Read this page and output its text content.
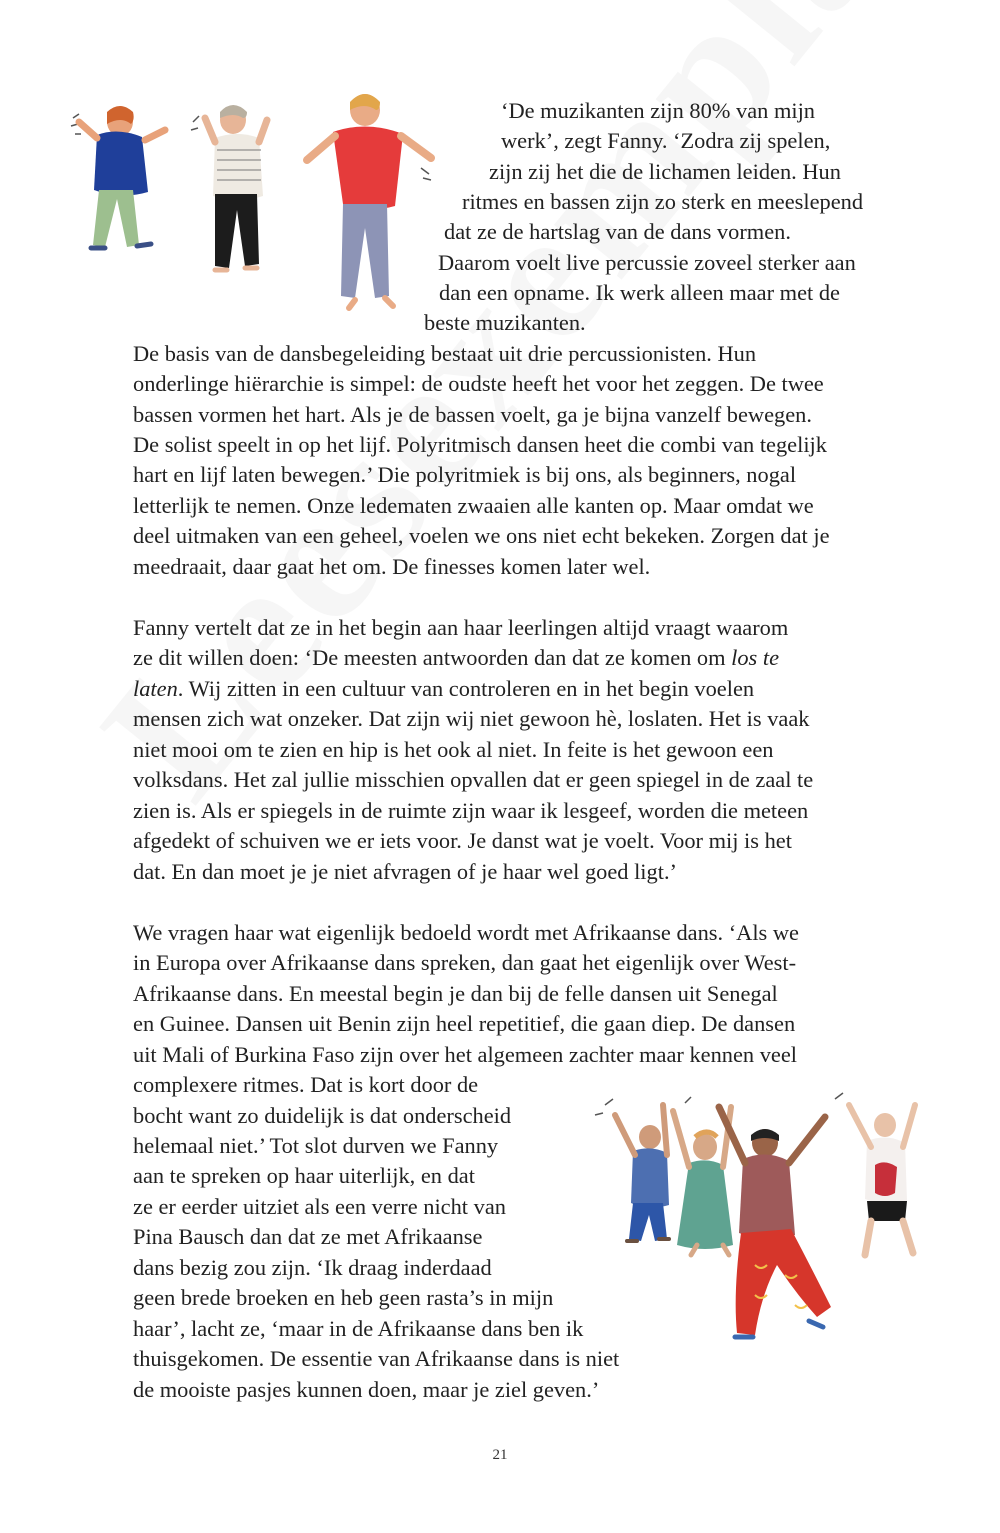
‘De muzikanten zijn 80% van mijn
werk’, zegt Fanny. ‘Zodra zij spelen,
zijn zij het die de lichamen leiden. Hun
ritmes en bassen zijn zo sterk en meeslepend
dat ze de hartslag van de dans vormen.
Daarom voelt live percussie zoveel sterker aan
dan een opname. Ik werk alleen maar met de
beste muzikanten.
De basis van de dansbegeleiding bestaat uit drie percussionisten. Hun
onderlinge hiërarchie is simpel: de oudste heeft het voor het zeggen. De twee
bassen vormen het hart. Als je de bassen voelt, ga je bijna vanzelf bewegen.
De solist speelt in op het lijf. Polyritmisch dansen heet die combi van tegelijk
hart en lijf laten bewegen.’ Die polyritmiek is bij ons, als beginners, nogal
letterlijk te nemen. Onze ledematen zwaaien alle kanten op. Maar omdat we
deel uitmaken van een geheel, voelen we ons niet echt bekeken. Zorgen dat je
meedraait, daar gaat het om. De finesses komen later wel.
Fanny vertelt dat ze in het begin aan haar leerlingen altijd vraagt waarom
ze dit willen doen: ‘De meesten antwoorden dan dat ze komen om los te
laten. Wij zitten in een cultuur van controleren en in het begin voelen
mensen zich wat onzeker. Dat zijn wij niet gewoon hè, loslaten. Het is vaak
niet mooi om te zien en hip is het ook al niet. In feite is het gewoon een
volksdans. Het zal jullie misschien opvallen dat er geen spiegel in de zaal te
zien is. Als er spiegels in de ruimte zijn waar ik lesgeef, worden die meteen
afgedekt of schuiven we er iets voor. Je danst wat je voelt. Voor mij is het
dat. En dan moet je je niet afvragen of je haar wel goed ligt.’
We vragen haar wat eigenlijk bedoeld wordt met Afrikaanse dans. ‘Als we
in Europa over Afrikaanse dans spreken, dan gaat het eigenlijk over West-
Afrikaanse dans. En meestal begin je dan bij de felle dansen uit Senegal
en Guinee. Dansen uit Benin zijn heel repetitief, die gaan diep. De dansen
uit Mali of Burkina Faso zijn over het algemeen zachter maar kennen veel
complexere ritmes. Dat is kort door de
bocht want zo duidelijk is dat onderscheid
helemaal niet.’ Tot slot durven we Fanny
aan te spreken op haar uiterlijk, en dat
ze er eerder uitziet als een verre nicht van
Pina Bausch dan dat ze met Afrikaanse
dans bezig zou zijn. ‘Ik draag inderdaad
geen brede broeken en heb geen rasta’s in mijn
haar’, lacht ze, ‘maar in de Afrikaanse dans ben ik
thuisgekomen. De essentie van Afrikaanse dans is niet
de mooiste pasjes kunnen doen, maar je ziel geven.’
21
